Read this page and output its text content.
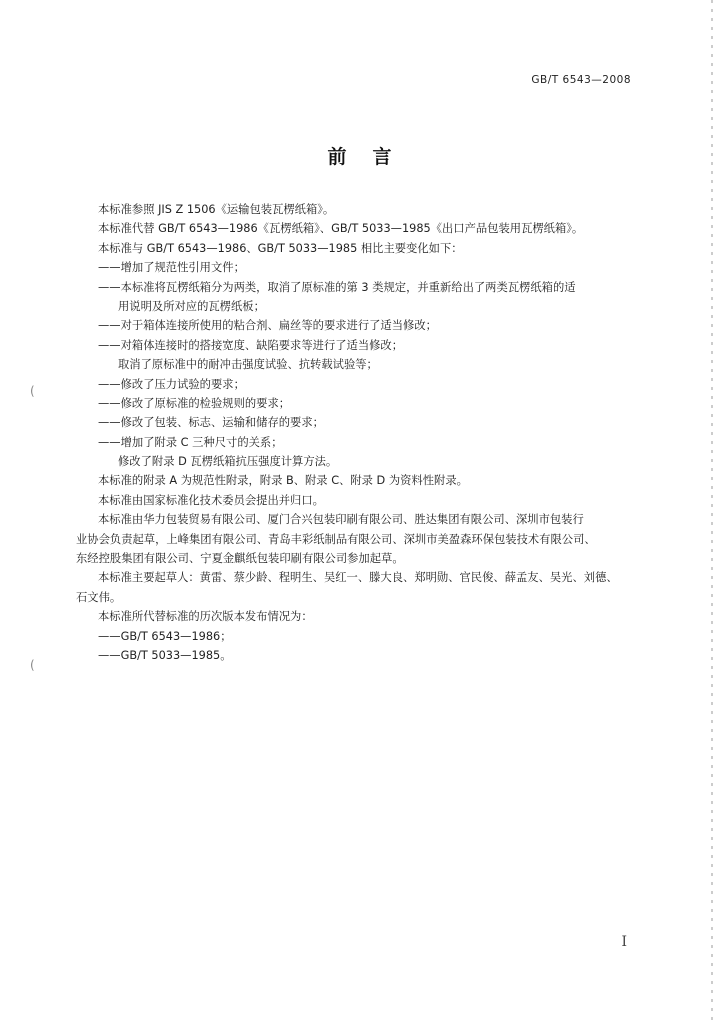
(
(
GB/T 6543—2008
前言
本标准参照 JIS Z 1506《运输包装瓦楞纸箱》。
本标准代替 GB/T 6543—1986《瓦楞纸箱》、GB/T 5033—1985《出口产品包装用瓦楞纸箱》。
本标准与 GB/T 6543—1986、GB/T 5033—1985 相比主要变化如下：
——增加了规范性引用文件；
——本标准将瓦楞纸箱分为两类，取消了原标准的第 3 类规定，并重新给出了两类瓦楞纸箱的适
用说明及所对应的瓦楞纸板；
——对于箱体连接所使用的粘合剂、扁丝等的要求进行了适当修改；
——对箱体连接时的搭接宽度、缺陷要求等进行了适当修改；
取消了原标准中的耐冲击强度试验、抗转载试验等；
——修改了压力试验的要求；
——修改了原标准的检验规则的要求；
——修改了包装、标志、运输和储存的要求；
——增加了附录 C 三种尺寸的关系；
修改了附录 D 瓦楞纸箱抗压强度计算方法。
本标准的附录 A 为规范性附录，附录 B、附录 C、附录 D 为资料性附录。
本标准由国家标准化技术委员会提出并归口。
本标准由华力包装贸易有限公司、厦门合兴包装印刷有限公司、胜达集团有限公司、深圳市包装行
业协会负责起草，上峰集团有限公司、青岛丰彩纸制品有限公司、深圳市美盈森环保包装技术有限公司、
东经控股集团有限公司、宁夏金麒纸包装印刷有限公司参加起草。
本标准主要起草人：黄雷、蔡少龄、程明生、吴红一、滕大良、郑明勋、官民俊、薛孟友、吴光、刘德、
石文伟。
本标准所代替标准的历次版本发布情况为：
——GB/T 6543—1986；
——GB/T 5033—1985。
I
